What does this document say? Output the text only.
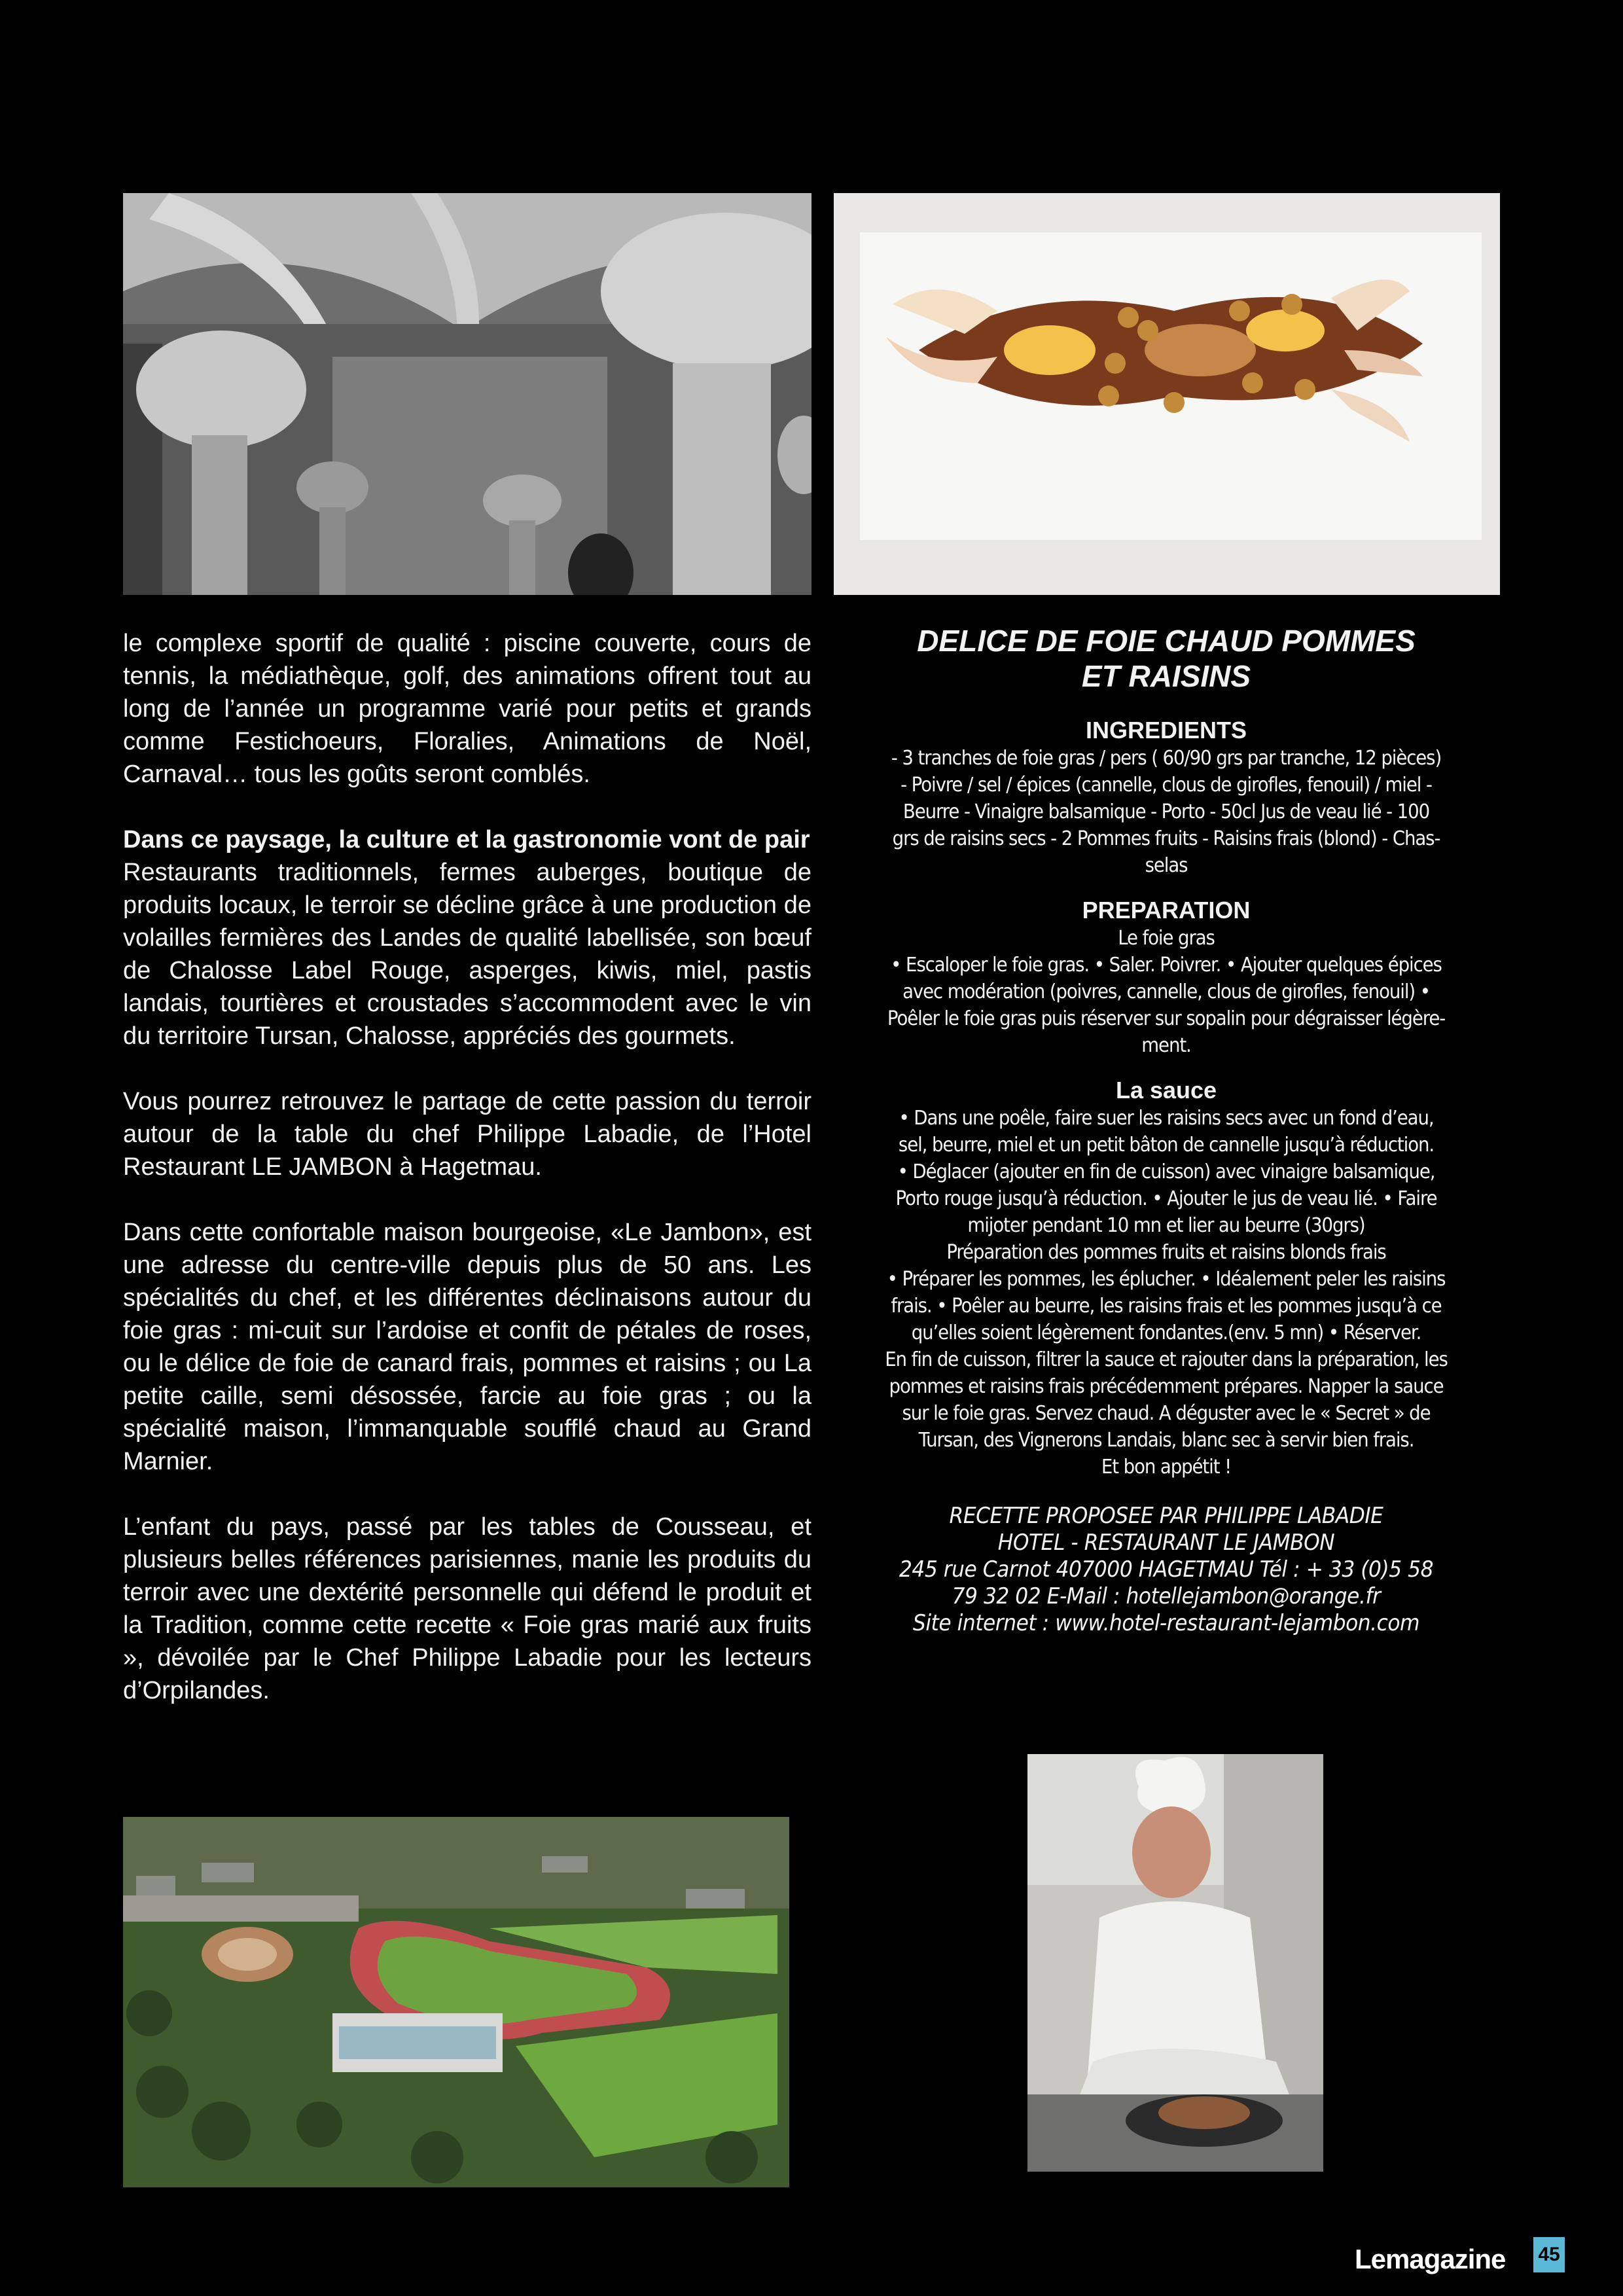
le complexe sportif de qualité : piscine couverte, cours de tennis, la médiathèque, golf, des animations offrent tout au long de l’année un programme varié pour petits et grands comme Festichoeurs, Floralies, Animations de Noël, Carnaval… tous les goûts seront comblés.

Dans ce paysage, la culture et la gastronomie vont de pair

Restaurants traditionnels, fermes auberges, boutique de produits locaux, le terroir se décline grâce à une production de volailles fermières des Landes de qualité labellisée, son bœuf de Chalosse Label Rouge, asperges, kiwis, miel, pastis landais, tourtières et croustades s’accommodent avec le vin du territoire Tursan, Chalosse, appréciés des gourmets.

Vous pourrez retrouvez le partage de cette passion du terroir autour de la table du chef Philippe Labadie, de l’Hotel Restaurant LE JAMBON à Hagetmau.

Dans cette confortable maison bourgeoise, «Le Jambon», est une adresse du centre-ville depuis plus de 50 ans. Les spécialités du chef, et les différentes déclinaisons autour du foie gras : mi-cuit sur l’ardoise et confit de pétales de roses, ou le délice de foie de canard frais, pommes et raisins ; ou La petite caille, semi désossée, farcie au foie gras ; ou la spécialité maison, l’immanquable soufflé chaud au Grand Marnier.

L’enfant du pays, passé par les tables de Cousseau, et plusieurs belles références parisiennes, manie les produits du terroir avec une dextérité personnelle qui défend le produit et la Tradition, comme cette recette « Foie gras marié aux fruits », dévoilée par le Chef Philippe Labadie pour les lecteurs d’Orpilandes.

DELICE DE FOIE CHAUD POMMES
ET RAISINS
INGREDIENTS
- 3 tranches de foie gras / pers ( 60/90 grs par tranche, 12 pièces)
- Poivre / sel / épices (cannelle, clous de girofles, fenouil) / miel -
Beurre - Vinaigre balsamique - Porto - 50cl Jus de veau lié - 100
grs de raisins secs - 2 Pommes fruits - Raisins frais (blond) - Chas-
selas
PREPARATION
Le foie gras
• Escaloper le foie gras. • Saler. Poivrer. • Ajouter quelques épices
avec modération (poivres, cannelle, clous de girofles, fenouil) •
Poêler le foie gras puis réserver sur sopalin pour dégraisser légère-
ment.
La sauce
• Dans une poêle, faire suer les raisins secs avec un fond d’eau,
sel, beurre, miel et un petit bâton de cannelle jusqu’à réduction.
• Déglacer (ajouter en fin de cuisson) avec vinaigre balsamique,
Porto rouge jusqu’à réduction. • Ajouter le jus de veau lié. • Faire
mijoter pendant 10 mn et lier au beurre (30grs)
Préparation des pommes fruits et raisins blonds frais
• Préparer les pommes, les éplucher. • Idéalement peler les raisins
frais. • Poêler au beurre, les raisins frais et les pommes jusqu’à ce
qu’elles soient légèrement fondantes.(env. 5 mn) • Réserver.
En fin de cuisson, filtrer la sauce et rajouter dans la préparation, les
pommes et raisins frais précédemment prépares. Napper la sauce
sur le foie gras. Servez chaud. A déguster avec le « Secret » de
Tursan, des Vignerons Landais, blanc sec à servir bien frais.
Et bon appétit !
RECETTE PROPOSEE PAR PHILIPPE LABADIE
HOTEL - RESTAURANT LE JAMBON
245 rue Carnot 407000 HAGETMAU Tél : + 33 (0)5 58
79 32 02 E-Mail : hotellejambon@orange.fr
Site internet : www.hotel-restaurant-lejambon.com
Lemagazine 45
